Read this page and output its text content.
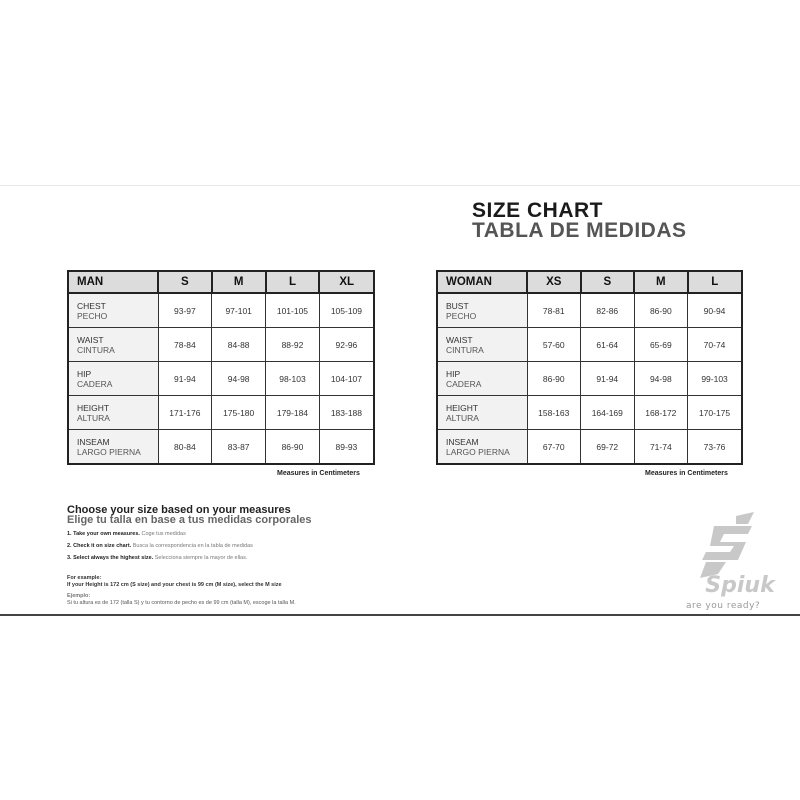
SIZE CHART
TABLA DE MEDIDAS
MAN	S	M	L	XL

CHEST
PECHO	93-97	97-101	101-105	105-109

WAIST
CINTURA	78-84	84-88	88-92	92-96

HIP
CADERA	91-94	94-98	98-103	104-107

HEIGHT
ALTURA	171-176	175-180	179-184	183-188

INSEAM
LARGO PIERNA	80-84	83-87	86-90	89-93
Measures in Centimeters
WOMAN	XS	S	M	L

BUST
PECHO	78-81	82-86	86-90	90-94

WAIST
CINTURA	57-60	61-64	65-69	70-74

HIP
CADERA	86-90	91-94	94-98	99-103

HEIGHT
ALTURA	158-163	164-169	168-172	170-175

INSEAM
LARGO PIERNA	67-70	69-72	71-74	73-76
Measures in Centimeters
Choose your size based on your measures
Elige tu talla en base a tus medidas corporales
1. Take your own measures. Coge tus medidas
2. Check it on size chart. Busca la correspondencia en la tabla de medidas
3. Select always the highest size. Selecciona siempre la mayor de ellas.
For example:
If your Height is 172 cm (S size) and your chest is 99 cm (M size), select the M size
Ejemplo:
Si tu altura es de 172 (talla S) y tu contorno de pecho es de 99 cm (talla M), escoge la talla M.
Spiuk
are you ready?
